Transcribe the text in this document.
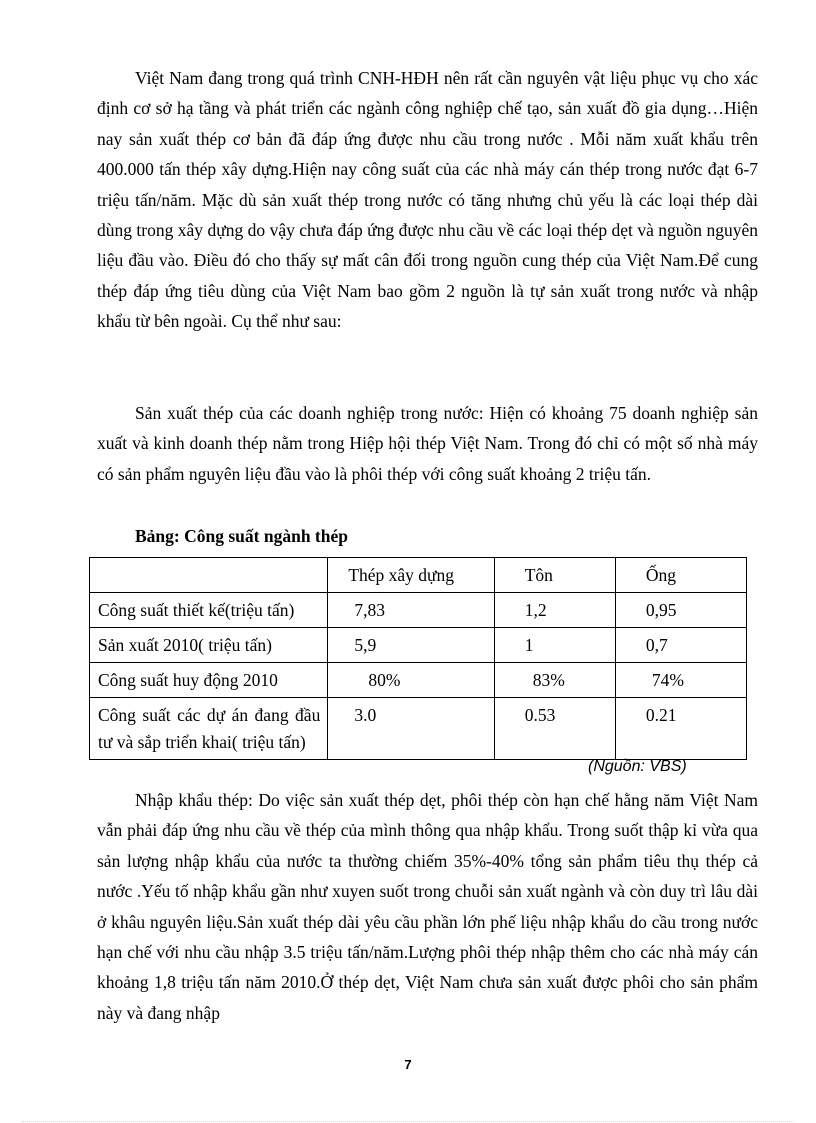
Việt Nam đang trong quá trình CNH-HĐH nên rất cần nguyên vật liệu phục vụ cho xác định cơ sở hạ tầng và phát triển các ngành công nghiệp chế tạo, sản xuất đồ gia dụng…Hiện nay sản xuất thép cơ bản đã đáp ứng được nhu cầu trong nước . Mỗi năm xuất khẩu trên 400.000 tấn thép xây dựng.Hiện nay công suất của các nhà máy cán thép trong nước đạt 6-7 triệu tấn/năm. Mặc dù sản xuất thép trong nước có tăng nhưng chủ yếu là các loại thép dài dùng trong xây dựng do vậy chưa đáp ứng được nhu cầu về các loại thép dẹt và nguồn nguyên liệu đầu vào. Điều đó cho thấy sự mất cân đối trong nguồn cung thép của Việt Nam.Để cung thép đáp ứng tiêu dùng của Việt Nam bao gồm 2 nguồn là tự sản xuất trong nước và nhập khẩu từ bên ngoài. Cụ thể như sau:

Sản xuất thép của các doanh nghiệp trong nước: Hiện có khoảng 75 doanh nghiệp sản xuất và kinh doanh thép nằm trong Hiệp hội thép Việt Nam. Trong đó chỉ có một số nhà máy có sản phẩm nguyên liệu đầu vào là phôi thép với công suất khoảng 2 triệu tấn.

Bảng: Công suất ngành thép

	Thép xây dựng	Tôn	Ống
Công suất thiết kế(triệu tấn)	7,83	1,2	0,95
Sản xuất 2010( triệu tấn)	5,9	1	0,7
Công suất huy động 2010	80%	83%	74%
Công suất các dự án đang đầu tư và sắp triển khai( triệu tấn)	3.0	0.53	0.21
(Nguồn: VBS)

Nhập khẩu thép: Do việc sản xuất thép dẹt, phôi thép còn hạn chế hằng năm Việt Nam vẫn phải đáp ứng nhu cầu về thép của mình thông qua nhập khẩu. Trong suốt thập kỉ vừa qua sản lượng nhập khẩu của nước ta thường chiếm 35%-40% tổng sản phẩm tiêu thụ thép cả nước .Yếu tố nhập khẩu gần như xuyen suốt trong chuỗi sản xuất ngành và còn duy trì lâu dài ở khâu nguyên liệu.Sản xuất thép dài yêu cầu phần lớn phế liệu nhập khẩu do cầu trong nước hạn chế với nhu cầu nhập 3.5 triệu tấn/năm.Lượng phôi thép nhập thêm cho các nhà máy cán khoảng 1,8 triệu tấn năm 2010.Ở thép dẹt, Việt Nam chưa sản xuất được phôi cho sản phẩm này và đang nhập

7
